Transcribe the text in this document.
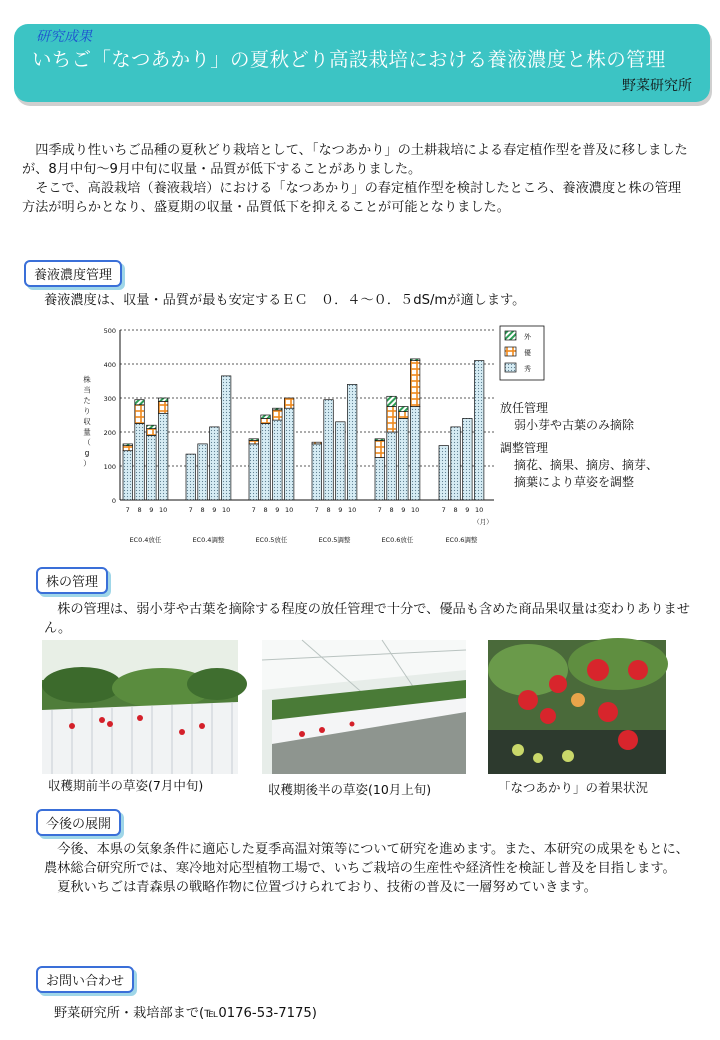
研究成果
いちご「なつあかり」の夏秋どり高設栽培における養液濃度と株の管理
野菜研究所

四季成り性いちご品種の夏秋どり栽培として、「なつあかり」の土耕栽培による春定植作型を普及に移しましたが、8月中旬～9月中旬に収量・品質が低下することがありました。

そこで、高設栽培（養液栽培）における「なつあかり」の春定植作型を検討したところ、養液濃度と株の管理方法が明らかとなり、盛夏期の収量・品質低下を抑えることが可能となりました。

養液濃度管理

養液濃度は、収量・品質が最も安定するＥＣ　０．４～０．５dS/mが適します。

0
100
200
300
400
500
株
当
た
り
収
量
（
g
）
7 8 9 10
EC0.4放任
7 8 9 10
EC0.4調整
7 8 9 10
EC0.5放任
7 8 9 10
EC0.5調整
7 8 9 10
EC0.6放任
7 8 9 10
EC0.6調整
（月）
外
優
秀
放任管理
弱小芽や古葉のみ摘除
調整管理
摘花、摘果、摘房、摘芽、
摘葉により草姿を調整
株の管理

株の管理は、弱小芽や古葉を摘除する程度の放任管理で十分で、優品も含めた商品果収量は変わりありません。

収穫期前半の草姿(7月中旬)	収穫期後半の草姿(10月上旬)	「なつあかり」の着果状況
今後の展開

今後、本県の気象条件に適応した夏季高温対策等について研究を進めます。また、本研究の成果をもとに、農林総合研究所では、寒冷地対応型植物工場で、いちご栽培の生産性や経済性を検証し普及を目指します。

夏秋いちごは青森県の戦略作物に位置づけられており、技術の普及に一層努めていきます。

お問い合わせ

野菜研究所・栽培部まで(℡0176-53-7175)
